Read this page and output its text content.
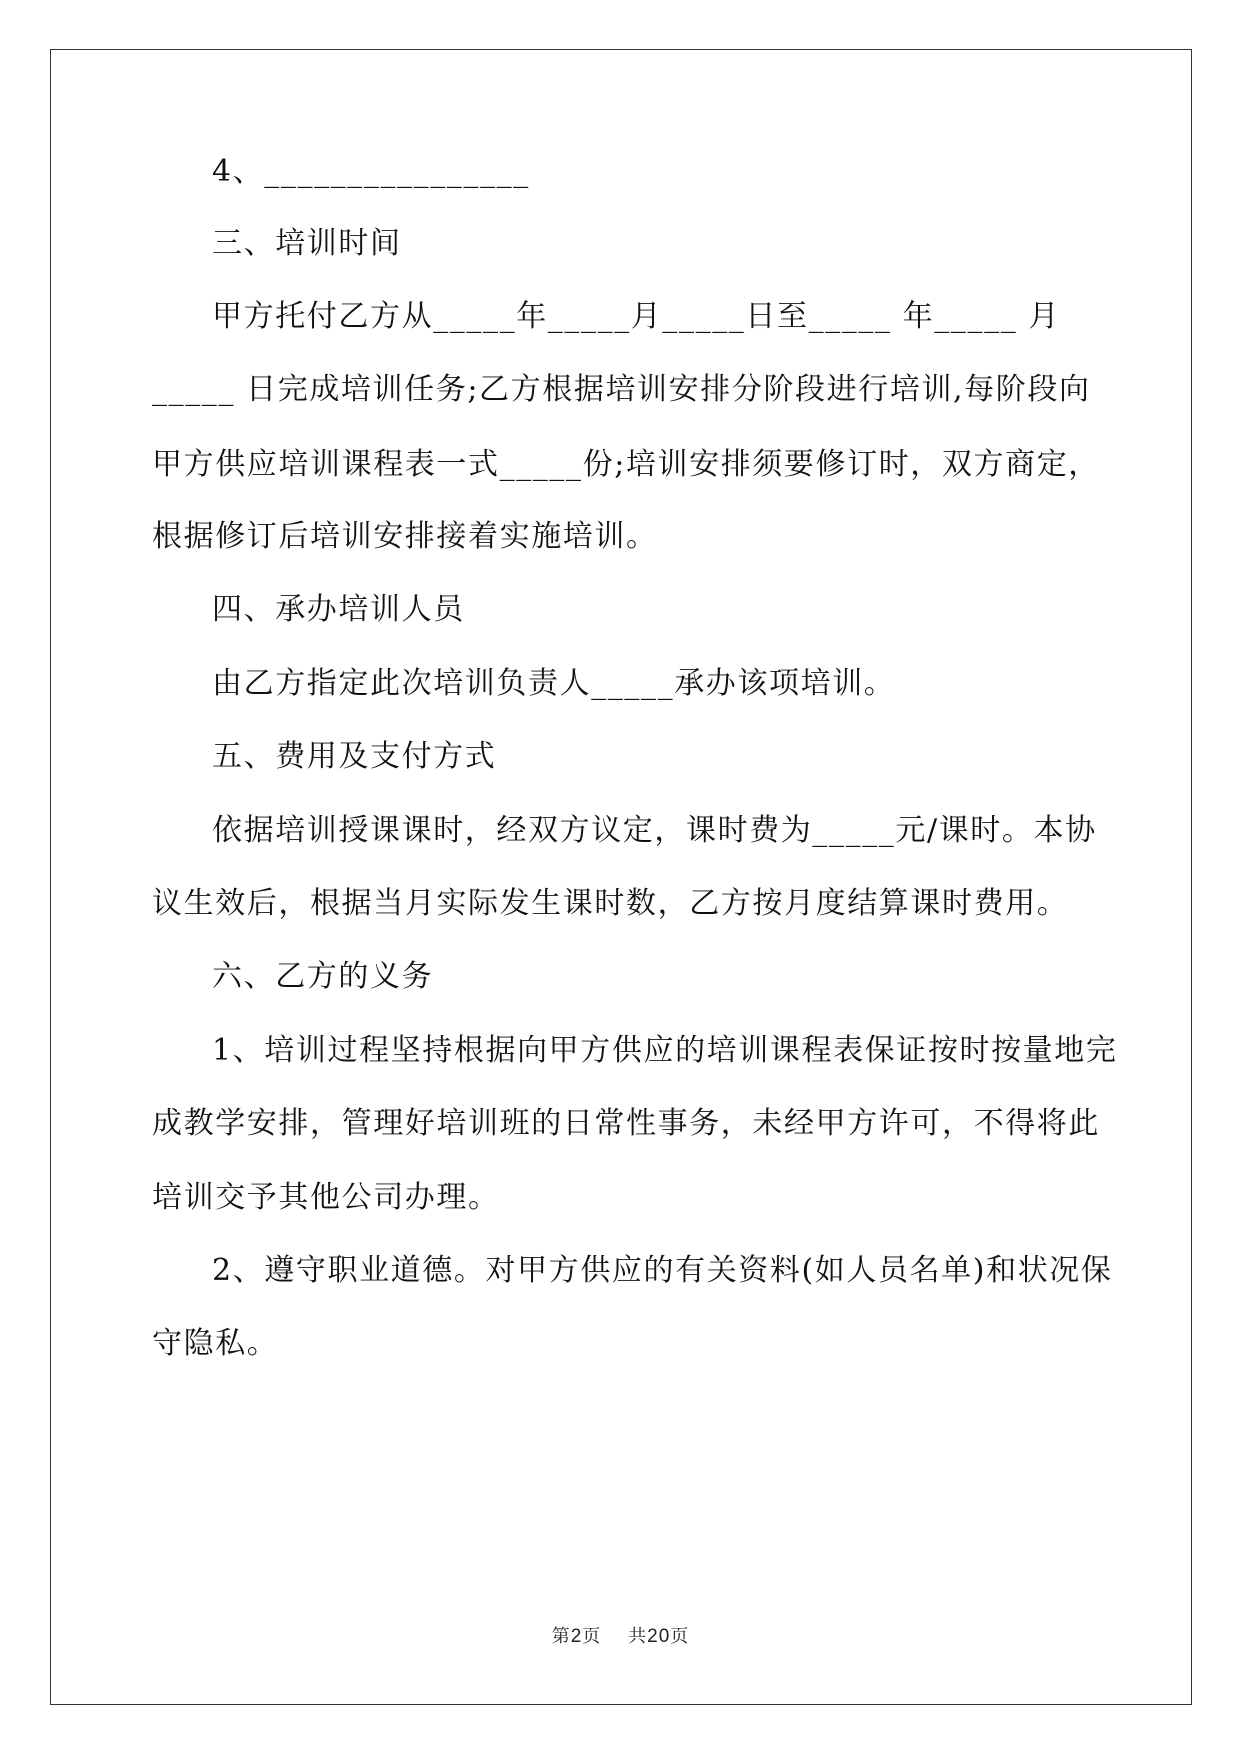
4、________________
三、培训时间
甲方托付乙方从_____年_____月_____日至_____ 年_____ 月
_____ 日完成培训任务;乙方根据培训安排分阶段进行培训,每阶段向
甲方供应培训课程表一式_____份;培训安排须要修订时，双方商定，
根据修订后培训安排接着实施培训。
四、承办培训人员
由乙方指定此次培训负责人_____承办该项培训。
五、费用及支付方式
依据培训授课课时，经双方议定，课时费为_____元/课时。本协
议生效后，根据当月实际发生课时数，乙方按月度结算课时费用。
六、乙方的义务
1、培训过程坚持根据向甲方供应的培训课程表保证按时按量地完
成教学安排，管理好培训班的日常性事务，未经甲方许可，不得将此
培训交予其他公司办理。
2、遵守职业道德。对甲方供应的有关资料(如人员名单)和状况保
守隐私。
第2页 共20页
